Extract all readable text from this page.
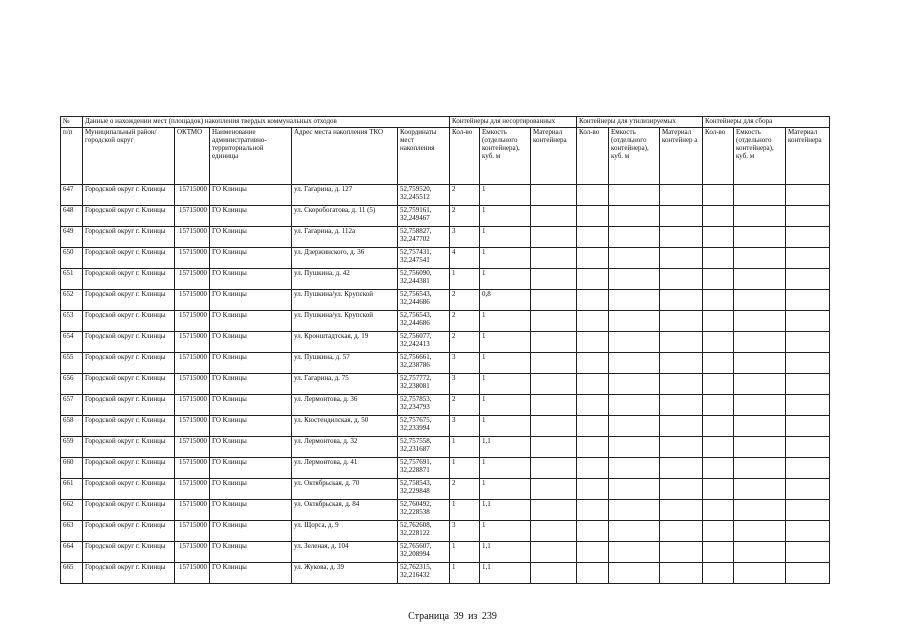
№	Данные о нахождении мест (площадок) накопления твердых коммунальных отходов					Контейнеры для несортированных			Контейнеры для утилизируемых			Контейнеры для сбора		
п/п	Муниципальный район/городской округ	ОКТМО	Наименование административно-территориальной единицы	Адрес места накопления ТКО	Координаты мест накопления	Кол-во	Емкость (отдельного контейнера), куб. м	Материал контейнера	Кол-во	Емкость (отдельного контейнера), куб. м	Материал контейнер а	Кол-во	Емкость (отдельного контейнера), куб. м	Материал контейнера
647	Городской округ г. Клинцы	15715000	ГО Клинцы	ул. Гагарина, д. 127	52,759520, 32,245512	2	1							
648	Городской округ г. Клинцы	15715000	ГО Клинцы	ул. Скоробогатова, д. 11 (5)	52,759161, 32,249467	2	1							
649	Городской округ г. Клинцы	15715000	ГО Клинцы	ул. Гагарина, д. 112а	52,758827, 32,247702	3	1							
650	Городской округ г. Клинцы	15715000	ГО Клинцы	ул. Дзержинского, д. 36	52,757431, 32,247541	4	1							
651	Городской округ г. Клинцы	15715000	ГО Клинцы	ул. Пушкина, д. 42	52,756090, 32,244381	1	1							
652	Городской округ г. Клинцы	15715000	ГО Клинцы	ул. Пушкина/ул. Крупской	52,756543, 32,244686	2	0,8							
653	Городской округ г. Клинцы	15715000	ГО Клинцы	ул. Пушкина/ул. Крупской	52,756543, 32,244686	2	1							
654	Городской округ г. Клинцы	15715000	ГО Клинцы	ул. Кронштадтская, д. 19	52,756077, 32,242413	2	1							
655	Городской округ г. Клинцы	15715000	ГО Клинцы	ул. Пушкина, д. 57	52,756661, 32,238786	3	1							
656	Городской округ г. Клинцы	15715000	ГО Клинцы	ул. Гагарина, д. 75	52,757772, 32,238081	3	1							
657	Городской округ г. Клинцы	15715000	ГО Клинцы	ул. Лермонтова, д. 36	52,757853, 32,234793	2	1							
658	Городской округ г. Клинцы	15715000	ГО Клинцы	ул. Кюстендилская, д. 50	52,757675, 32,233994	3	1							
659	Городской округ г. Клинцы	15715000	ГО Клинцы	ул. Лермонтова, д. 32	52,757558, 32,231687	1	1,1							
660	Городской округ г. Клинцы	15715000	ГО Клинцы	ул. Лермонтова, д. 41	52,757691, 32,228871	1	1							
661	Городской округ г. Клинцы	15715000	ГО Клинцы	ул. Октябрьская, д. 70	52,758543, 32,229848	2	1							
662	Городской округ г. Клинцы	15715000	ГО Клинцы	ул. Октябрьская, д. 84	52,760492, 32,228538	1	1,1							
663	Городской округ г. Клинцы	15715000	ГО Клинцы	ул. Щорса, д. 9	52,762608, 32,228122	3	1							
664	Городской округ г. Клинцы	15715000	ГО Клинцы	ул. Зеленая, д. 104	52,765607, 32,208994	1	1,1							
665	Городской округ г. Клинцы	15715000	ГО Клинцы	ул. Жукова, д. 39	52,762315, 32,216432	1	1,1							
Страница 39 из 239
